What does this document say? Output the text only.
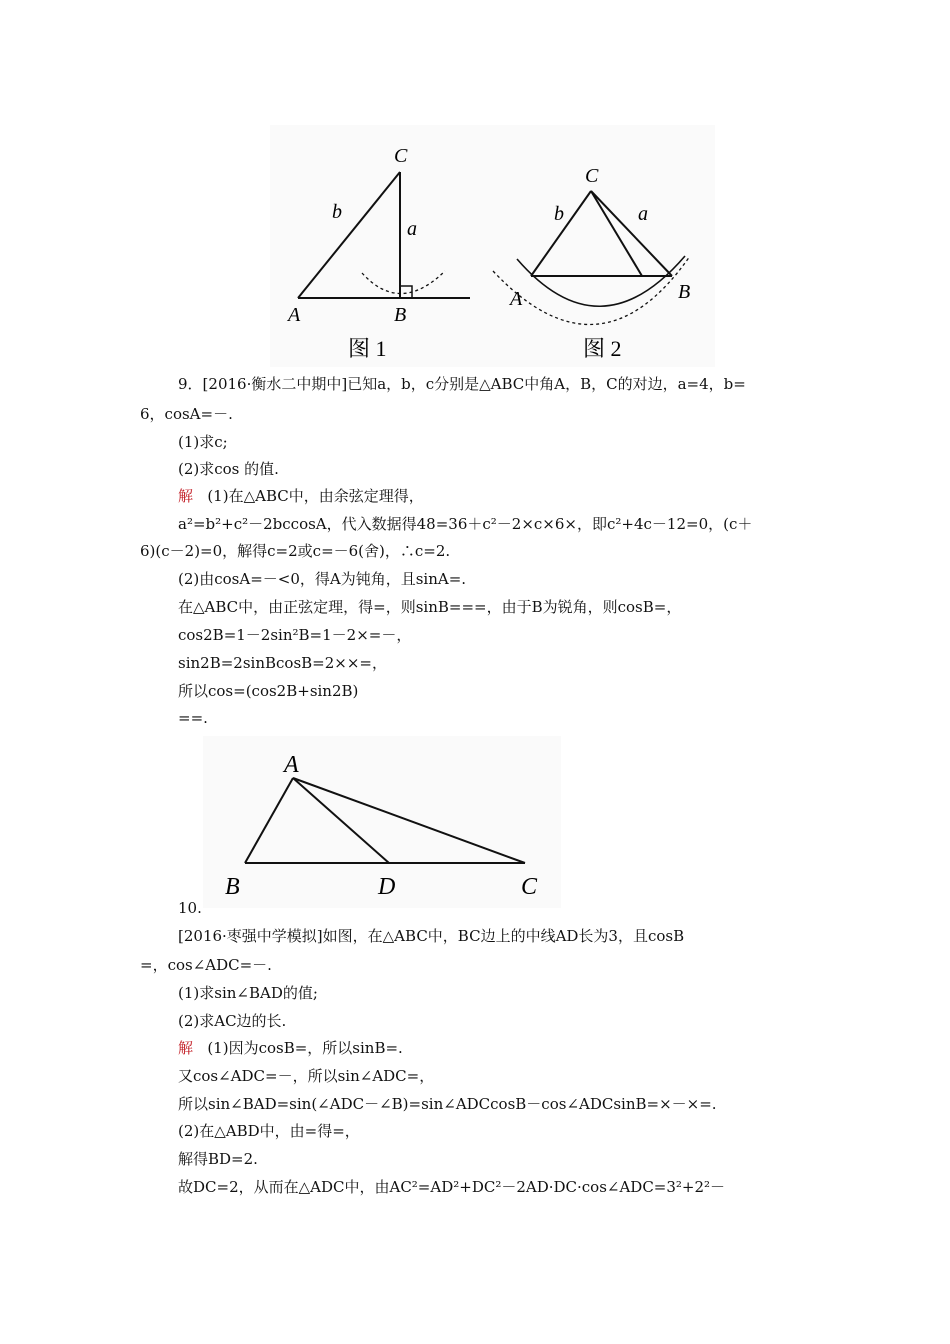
C
b
a
A	B
图 1
C
b	a
A	B
图 2
9．[2016·衡水二中期中]已知a，b，c分别是△ABC中角A，B，C的对边，a=4，b=
6，cosA=－.
(1)求c;
(2)求cos 的值.
解 (1)在△ABC中，由余弦定理得，
a²=b²+c²－2bccosA，代入数据得48=36＋c²－2×c×6×，即c²+4c－12=0，(c＋
6)(c－2)=0，解得c=2或c=－6(舍)，∴c=2.
(2)由cosA=－<0，得A为钝角，且sinA=.
在△ABC中，由正弦定理，得=，则sinB===，由于B为锐角，则cosB=，
cos2B=1－2sin²B=1－2×=－，
sin2B=2sinBcosB=2××=，
所以cos=(cos2B+sin2B)
==.
A
B	D	C
10.
[2016·枣强中学模拟]如图，在△ABC中，BC边上的中线AD长为3，且cosB
=，cos∠ADC=－.
(1)求sin∠BAD的值;
(2)求AC边的长.
解 (1)因为cosB=，所以sinB=.
又cos∠ADC=－，所以sin∠ADC=，
所以sin∠BAD=sin(∠ADC－∠B)=sin∠ADCcosB－cos∠ADCsinB=×－×=.
(2)在△ABD中，由=得=，
解得BD=2.
故DC=2，从而在△ADC中，由AC²=AD²+DC²－2AD·DC·cos∠ADC=3²+2²－
